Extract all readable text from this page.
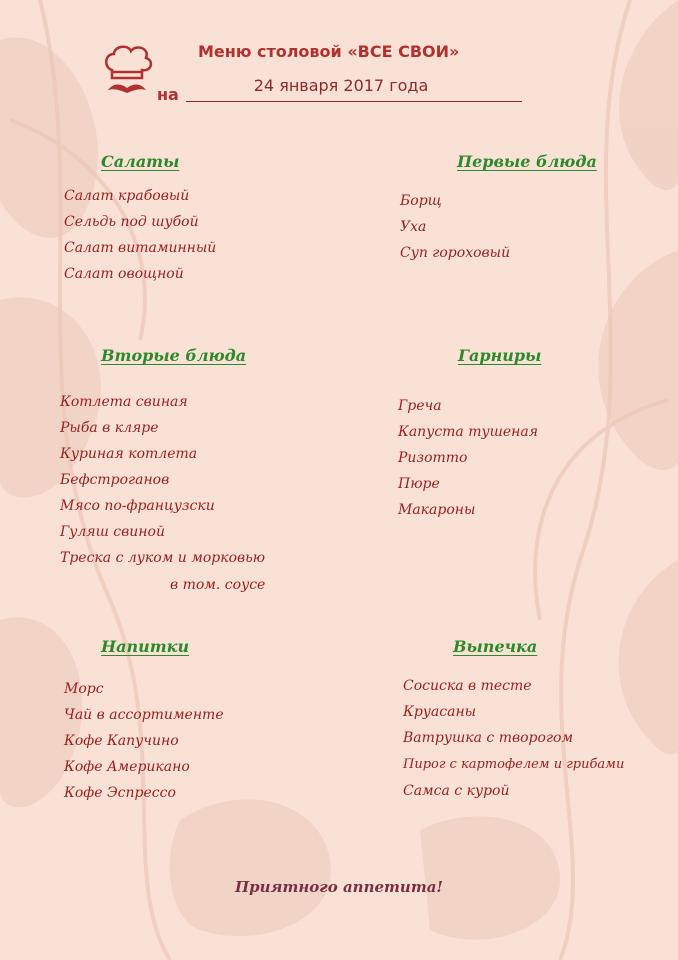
Меню столовой «ВСЕ СВОИ»
на	24 января 2017 года
Салаты
Салат крабовый
Сельдь под шубой
Салат витаминный
Салат овощной
Первые блюда
Борщ
Уха
Суп гороховый
Вторые блюда
Котлета свиная
Рыба в кляре
Куриная котлета
Бефстроганов
Мясо по-французски
Гуляш свиной
Треска с луком и морковью
в том. соусе
Гарниры
Греча
Капуста тушеная
Ризотто
Пюре
Макароны
Напитки
Морс
Чай в ассортименте
Кофе Капучино
Кофе Американо
Кофе Эспрессо
Выпечка
Сосиска в тесте
Круасаны
Ватрушка с творогом
Пирог с картофелем и грибами
Самса с курой
Приятного аппетита!
